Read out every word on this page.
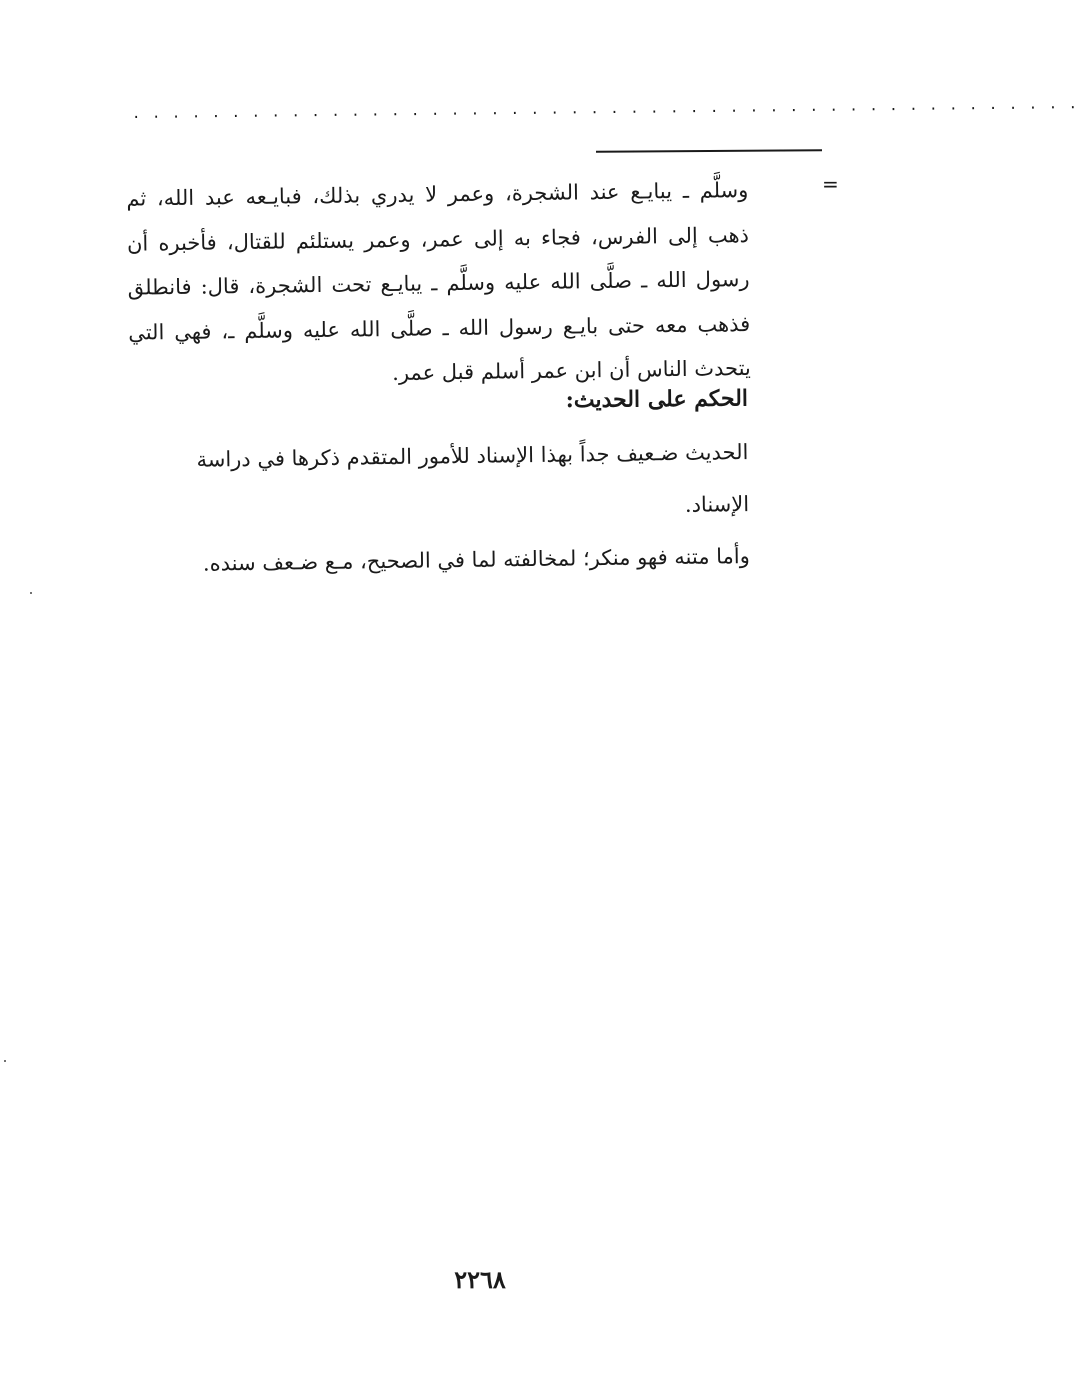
................................................
=
وسلَّم ـ يبايـع عند الشجرة، وعمر لا يدري بذلك، فبايـعه عبد الله، ثم
ذهب إلى الفرس، فجاء به إلى عمر، وعمر يستلئم للقتال، فأخبره أن
رسول الله ـ صلَّى الله عليه وسلَّم ـ يبايـع تحت الشجرة، قال: فانطلق
فذهب معه حتى بايـع رسول الله ـ صلَّى الله عليه وسلَّم ـ، فهي التي
يتحدث الناس أن ابن عمر أسلم قبل عمر.
الحكم على الحديث:

الحديث ضـعيف جداً بهذا الإسناد للأمور المتقدم ذكرها في دراسة الإسناد.

وأما متنه فهو منكر؛ لمخالفته لما في الصحيح، مـع ضـعف سنده.

٢٢٦٨
